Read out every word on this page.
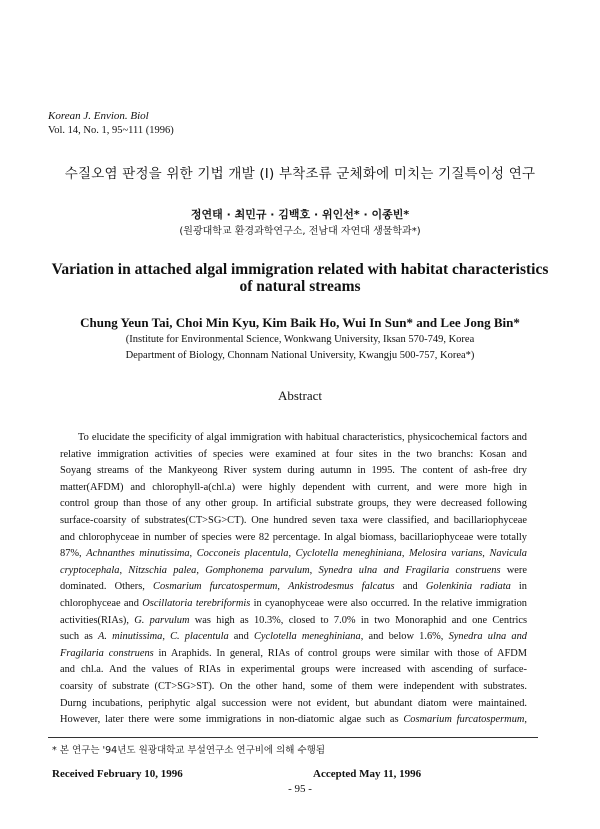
Korean J. Envion. Biol
Vol. 14, No. 1, 95~111 (1996)
수질오염 판정을 위한 기법 개발 (I) 부착조류 군체화에 미치는 기질특이성 연구
정연태 · 최민규 · 김백호 · 위인선* · 이종빈*
(원광대학교 환경과학연구소, 전남대 자연대 생물학과*)
Variation in attached algal immigration related with habitat characteristics
of natural streams
Chung Yeun Tai, Choi Min Kyu, Kim Baik Ho, Wui In Sun* and Lee Jong Bin*
(Institute for Environmental Science, Wonkwang University, Iksan 570-749, Korea
Department of Biology, Chonnam National University, Kwangju 500-757, Korea*)
Abstract
To elucidate the specificity of algal immigration with habitual characteristics, physicochemical factors and
relative immigration activities of species were examined at four sites in the two branchs: Kosan and
Soyang streams of the Mankyeong River system during autumn in 1995. The content of ash-free dry
matter(AFDM) and chlorophyll-a(chl.a) were highly dependent with current, and were more high in
control group than those of any other group. In artificial substrate groups, they were decreased following
surface-coarsity of substrates(CT>SG>CT). One hundred seven taxa were classified, and bacillariophyceae
and chlorophyceae in number of species were 82 percentage. In algal biomass, bacillariophyceae were totally
87%, Achnanthes minutissima, Cocconeis placentula, Cyclotella meneghiniana, Melosira varians, Navicula
cryptocephala, Nitzschia palea, Gomphonema parvulum, Synedra ulna and Fragilaria construens were
dominated. Others, Cosmarium furcatospermum, Ankistrodesmus falcatus and Golenkinia radiata in
chlorophyceae and Oscillatoria terebriformis in cyanophyceae were also occurred. In the relative immigration
activities(RIAs), G. parvulum was high as 10.3%, closed to 7.0% in two Monoraphid and one Centrics
such as A. minutissima, C. placentula and Cyclotella meneghiniana, and below 1.6%, Synedra ulna and
Fragilaria construens in Araphids. In general, RIAs of control groups were similar with those of AFDM
and chl.a. And the values of RIAs in experimental groups were increased with ascending of surface-
coarsity of substrate (CT>SG>ST). On the other hand, some of them were independent with substrates.
Durng incubations, periphytic algal succession were not evident, but abundant diatom were maintained.
However, later there were some immigrations in non-diatomic algae such as Cosmarium furcatospermum,
* 본 연구는 '94년도 원광대학교 부설연구소 연구비에 의해 수행됨
Received February 10, 1996	Accepted May 11, 1996
- 95 -
